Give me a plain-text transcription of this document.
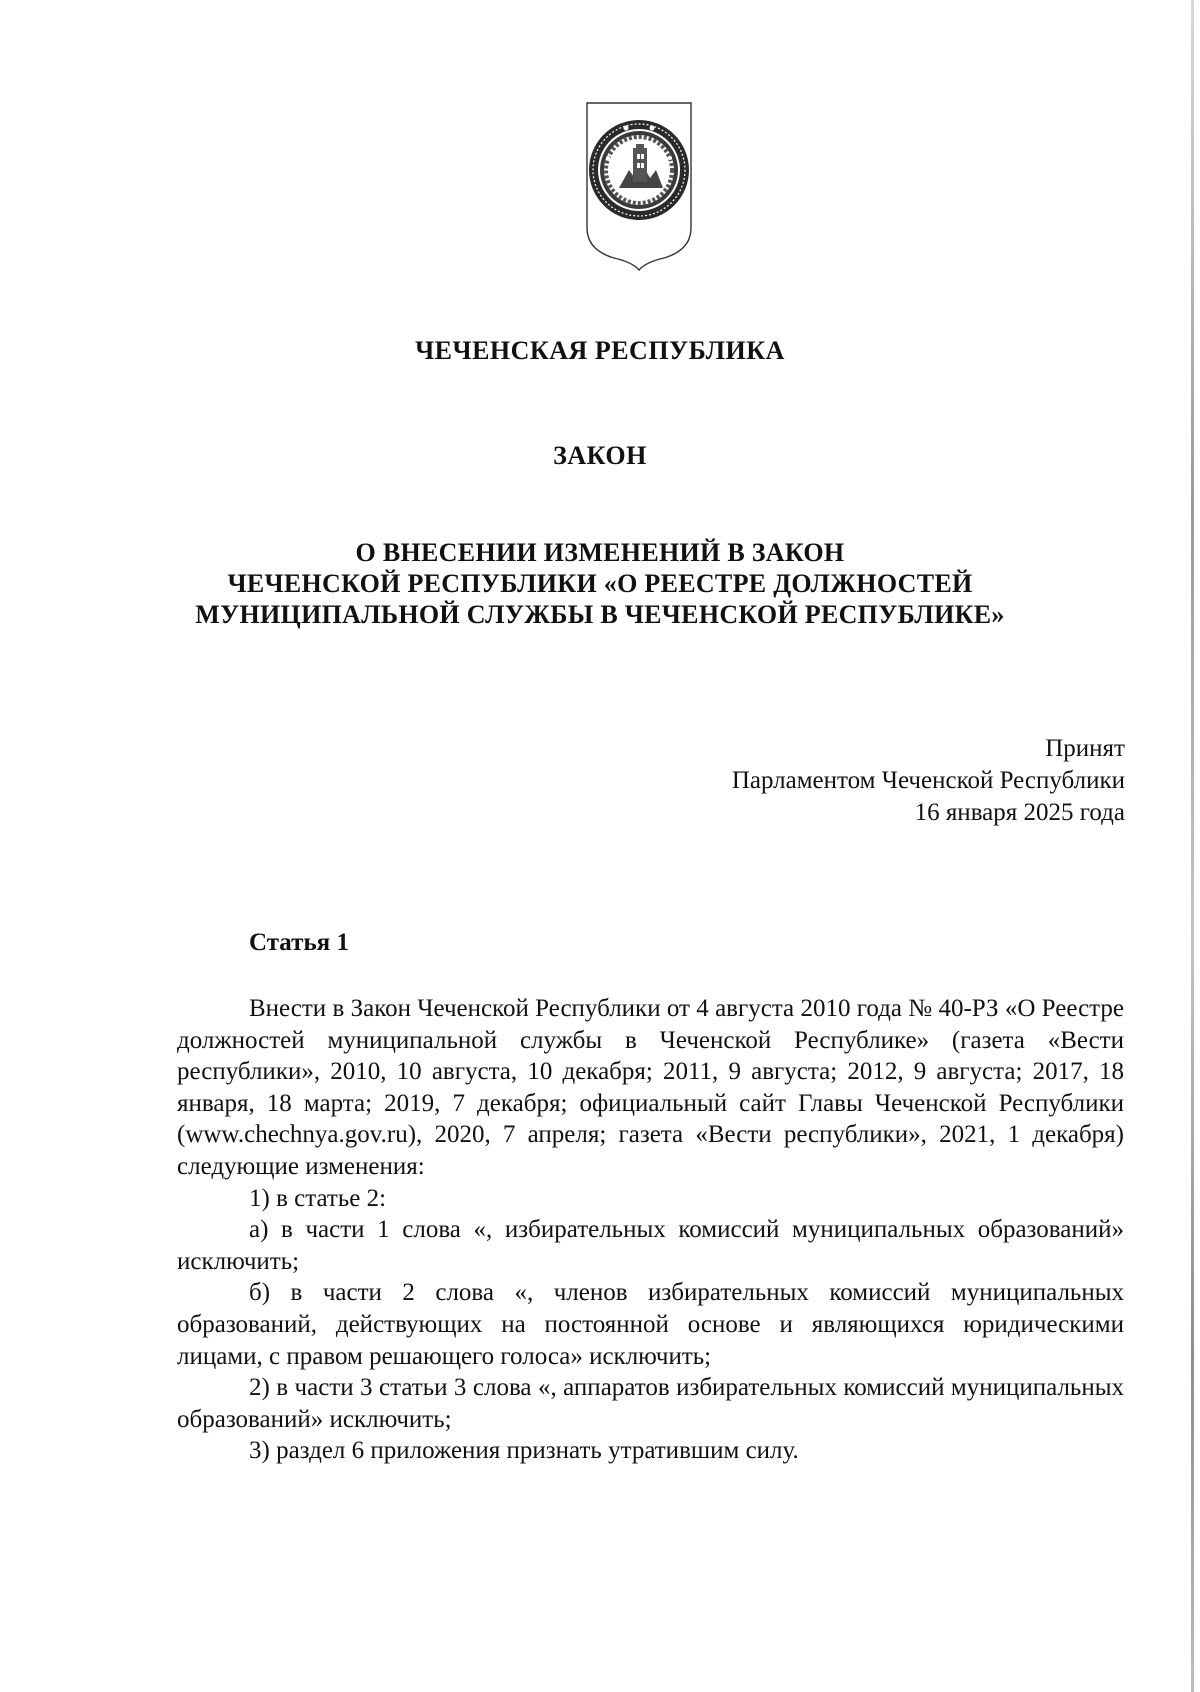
ЧЕЧЕНСКАЯ РЕСПУБЛИКА
ЗАКОН
О ВНЕСЕНИИ ИЗМЕНЕНИЙ В ЗАКОН
ЧЕЧЕНСКОЙ РЕСПУБЛИКИ «О РЕЕСТРЕ ДОЛЖНОСТЕЙ
МУНИЦИПАЛЬНОЙ СЛУЖБЫ В ЧЕЧЕНСКОЙ РЕСПУБЛИКЕ»
Принят
Парламентом Чеченской Республики
16 января 2025 года
Статья 1

Внести в Закон Чеченской Республики от 4 августа 2010 года № 40-РЗ «О Реестре должностей муниципальной службы в Чеченской Республике» (газета «Вести республики», 2010, 10 августа, 10 декабря; 2011, 9 августа; 2012, 9 августа; 2017, 18 января, 18 марта; 2019, 7 декабря; официальный сайт Главы Чеченской Республики (www.chechnya.gov.ru), 2020, 7 апреля; газета «Вести республики», 2021, 1 декабря) следующие изменения:

1) в статье 2:

а) в части 1 слова «, избирательных комиссий муниципальных образований» исключить;

б) в части 2 слова «, членов избирательных комиссий муниципальных образований, действующих на постоянной основе и являющихся юридическими лицами, с правом решающего голоса» исключить;

2) в части 3 статьи 3 слова «, аппаратов избирательных комиссий муниципальных образований» исключить;

3) раздел 6 приложения признать утратившим силу.
